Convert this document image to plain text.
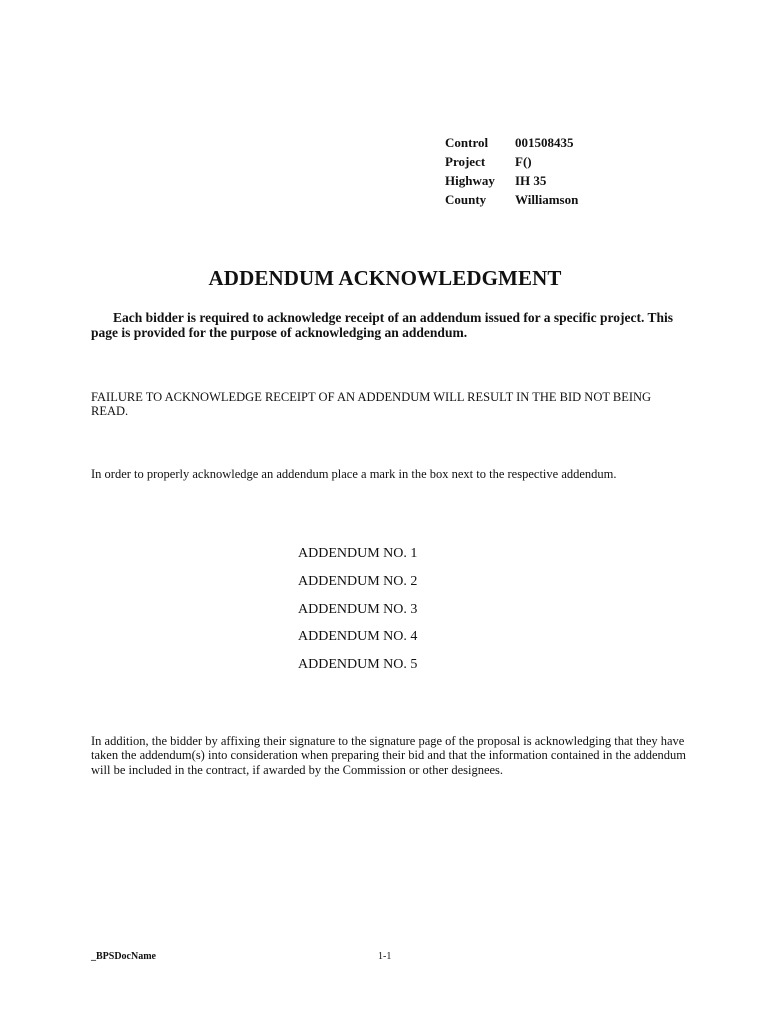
Control	001508435
Project	F()
Highway	IH 35
County	Williamson
ADDENDUM ACKNOWLEDGMENT
Each bidder is required to acknowledge receipt of an addendum issued for a specific project. This page is provided for the purpose of acknowledging an addendum.
FAILURE TO ACKNOWLEDGE RECEIPT OF AN ADDENDUM WILL RESULT IN THE BID NOT BEING READ.
In order to properly acknowledge an addendum place a mark in the box next to the respective addendum.
ADDENDUM NO. 1
ADDENDUM NO. 2
ADDENDUM NO. 3
ADDENDUM NO. 4
ADDENDUM NO. 5
In addition, the bidder by affixing their signature to the signature page of the proposal is acknowledging that they have taken the addendum(s) into consideration when preparing their bid and that the information contained in the addendum will be included in the contract, if awarded by the Commission or other designees.
_BPSDocName	1-1
